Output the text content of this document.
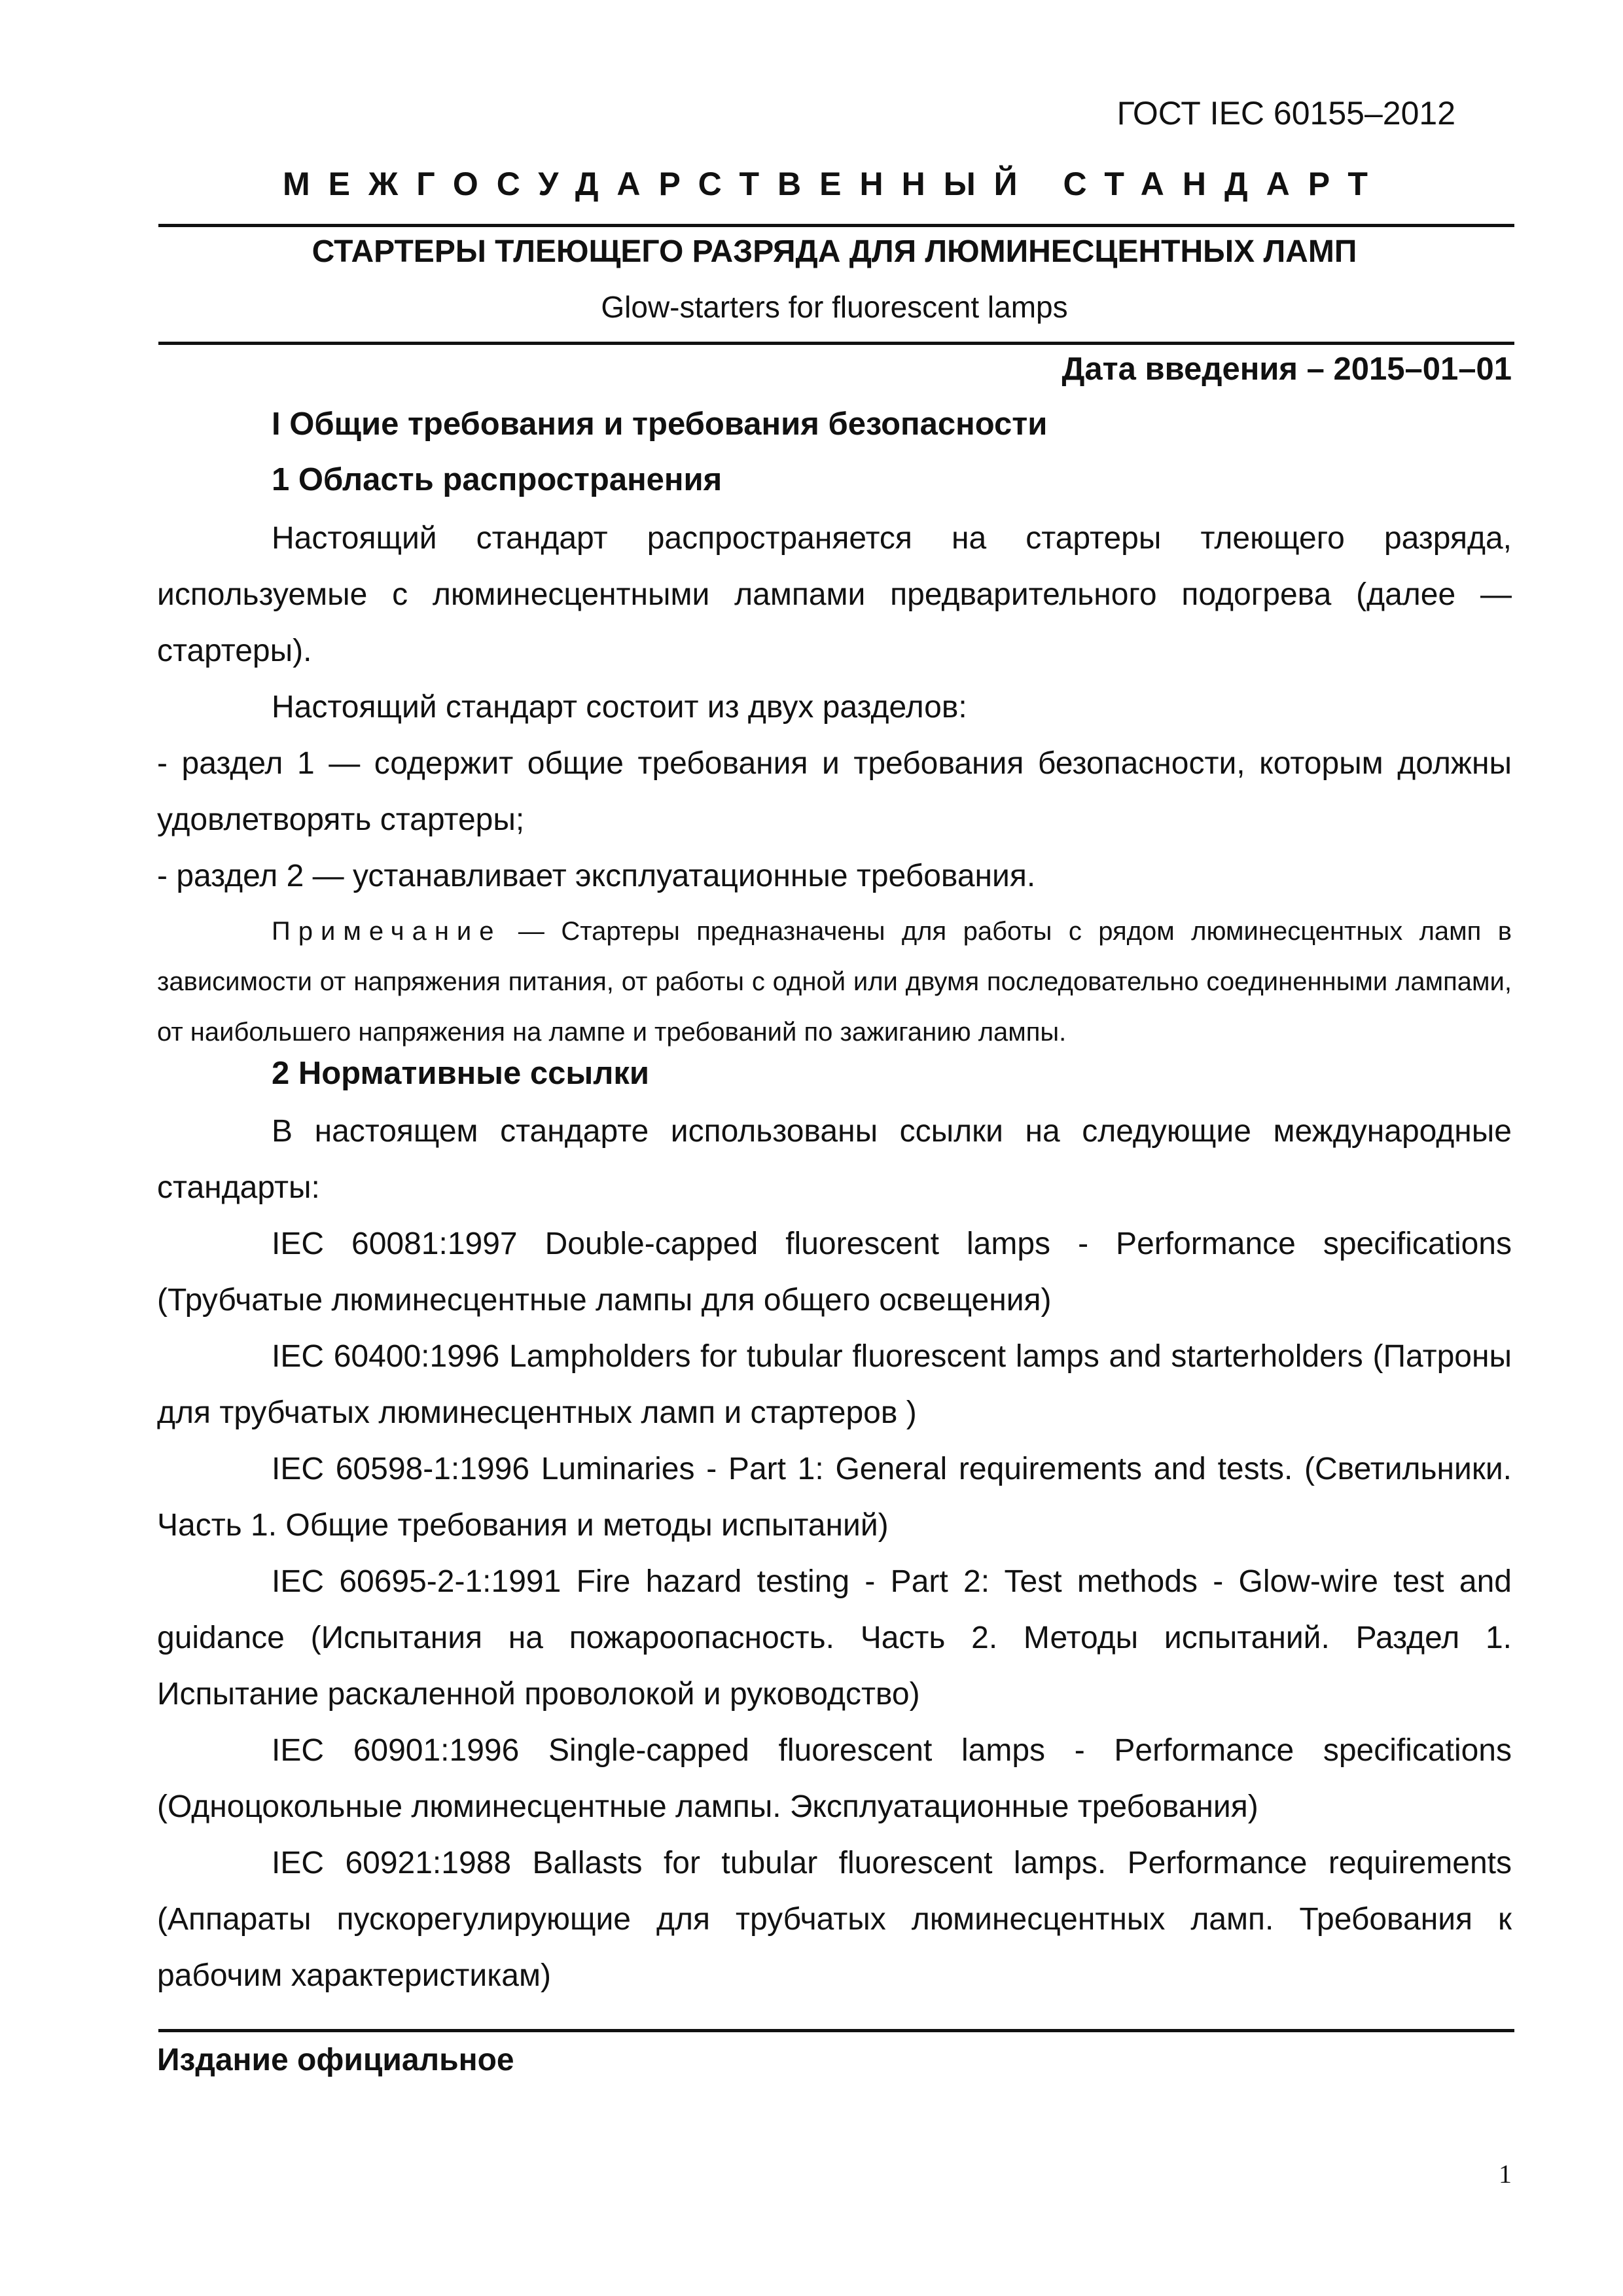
ГОСТ IEC 60155–2012
МЕЖГОСУДАРСТВЕННЫЙ СТАНДАРТ
СТАРТЕРЫ ТЛЕЮЩЕГО РАЗРЯДА ДЛЯ ЛЮМИНЕСЦЕНТНЫХ ЛАМП
Glow-starters for fluorescent lamps
Дата введения – 2015–01–01
I Общие требования и требования безопасности
1 Область распространения
Настоящий стандарт распространяется на стартеры тлеющего разряда, используемые с люминесцентными лампами предварительного подогрева (далее — стартеры).
Настоящий стандарт состоит из двух разделов:
- раздел 1 — содержит общие требования и требования безопасности, которым должны удовлетворять стартеры;
- раздел 2 — устанавливает эксплуатационные требования.
Примечание — Стартеры предназначены для работы с рядом люминесцентных ламп в зависимости от напряжения питания, от работы с одной или двумя последовательно соединенными лампами, от наибольшего напряжения на лампе и требований по зажиганию лампы.
2 Нормативные ссылки
В настоящем стандарте использованы ссылки на следующие международные стандарты:
IEC 60081:1997 Double-capped fluorescent lamps - Performance specifications (Трубчатые люминесцентные лампы для общего освещения)
IEC 60400:1996 Lampholders for tubular fluorescent lamps and starterholders (Патроны для трубчатых люминесцентных ламп и стартеров )
IEC 60598-1:1996 Luminaries - Part 1: General requirements and tests. (Светильники. Часть 1. Общие требования и методы испытаний)
IEC 60695-2-1:1991 Fire hazard testing - Part 2: Test methods - Glow-wire test and guidance (Испытания на пожароопасность. Часть 2. Методы испытаний. Раздел 1. Испытание раскаленной проволокой и руководство)
IEC 60901:1996 Single-capped fluorescent lamps - Performance specifications (Одноцокольные люминесцентные лампы. Эксплуатационные требования)
IEC 60921:1988 Ballasts for tubular fluorescent lamps. Performance requirements (Аппараты пускорегулирующие для трубчатых люминесцентных ламп. Требования к рабочим характеристикам)
Издание официальное
1
